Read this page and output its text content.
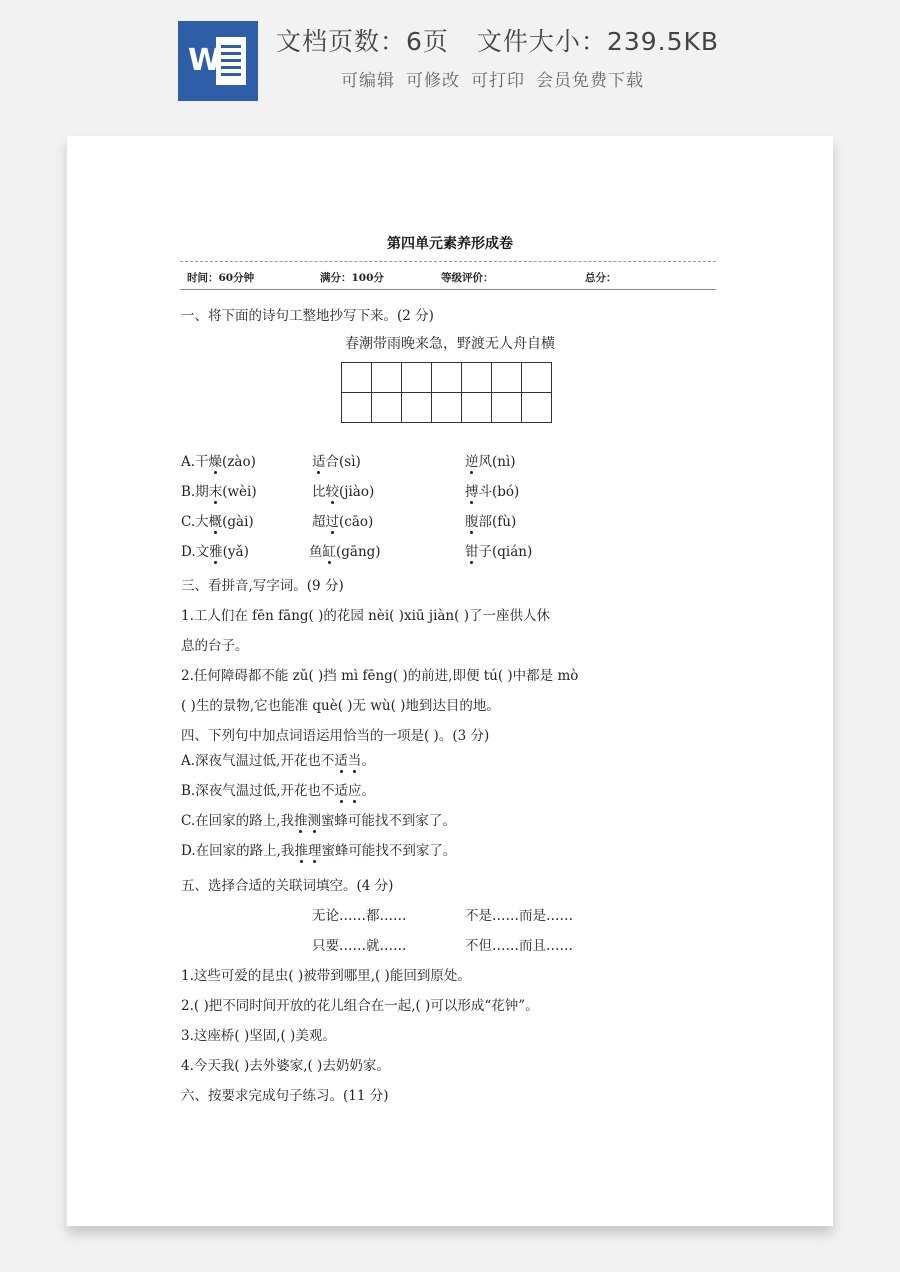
W
文档页数：6页 文件大小：239.5KB
可编辑 可修改 可打印 会员免费下载
第四单元素养形成卷
时间：60分钟	满分：100分	等级评价：	总分：
一、将下面的诗句工整地抄写下来。(2 分)
春潮带雨晚来急，野渡无人舟自横
A.干燥(zào)	适合(sì)	逆风(nì)
B.期末(wèi)	比较(jiào)	搏斗(bó)
C.大概(gài)	超过(cāo)	腹部(fù)
D.文雅(yǎ)	鱼缸(gāng)	钳子(qián)
三、看拼音,写字词。(9 分)
1.工人们在 fēn fāng( )的花园 nèi( )xiū jiàn( )了一座供人休
息的台子。
2.任何障碍都不能 zǔ( )挡 mì fēng( )的前进,即便 tú( )中都是 mò
( )生的景物,它也能准 què( )无 wù( )地到达目的地。
四、下列句中加点词语运用恰当的一项是( )。(3 分)
A.深夜气温过低,开花也不适当。
B.深夜气温过低,开花也不适应。
C.在回家的路上,我推测蜜蜂可能找不到家了。
D.在回家的路上,我推理蜜蜂可能找不到家了。
五、选择合适的关联词填空。(4 分)
无论……都……	不是……而是……
只要……就……	不但……而且……
1.这些可爱的昆虫( )被带到哪里,( )能回到原处。
2.( )把不同时间开放的花儿组合在一起,( )可以形成“花钟”。
3.这座桥( )坚固,( )美观。
4.今天我( )去外婆家,( )去奶奶家。
六、按要求完成句子练习。(11 分)
